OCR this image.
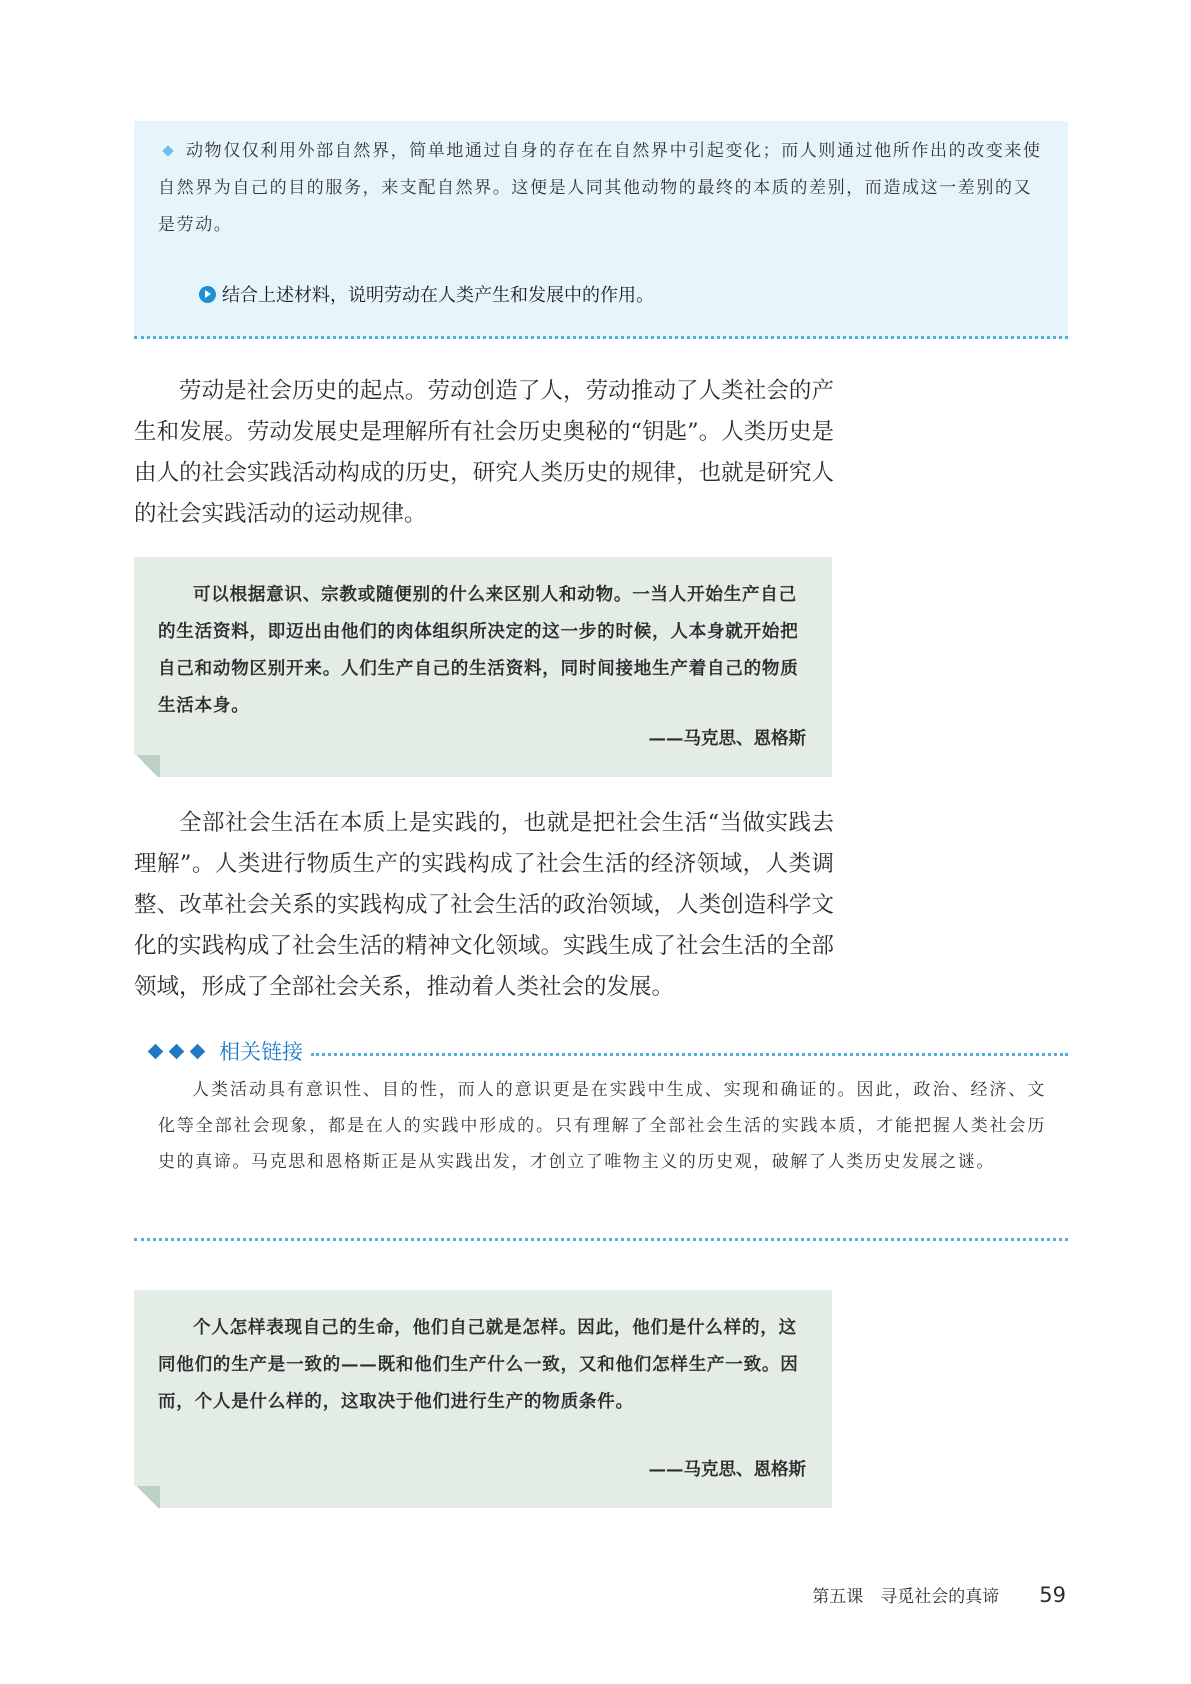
动物仅仅利用外部自然界，简单地通过自身的存在在自然界中引起变化；而人则通过他所作出的改变来使自然界为自己的目的服务，来支配自然界。这便是人同其他动物的最终的本质的差别，而造成这一差别的又是劳动。
结合上述材料，说明劳动在人类产生和发展中的作用。
劳动是社会历史的起点。劳动创造了人，劳动推动了人类社会的产生和发展。劳动发展史是理解所有社会历史奥秘的“钥匙”。人类历史是由人的社会实践活动构成的历史，研究人类历史的规律，也就是研究人的社会实践活动的运动规律。
可以根据意识、宗教或随便别的什么来区别人和动物。一当人开始生产自己的生活资料，即迈出由他们的肉体组织所决定的这一步的时候，人本身就开始把自己和动物区别开来。人们生产自己的生活资料，同时间接地生产着自己的物质生活本身。
——马克思、恩格斯
全部社会生活在本质上是实践的，也就是把社会生活“当做实践去理解”。人类进行物质生产的实践构成了社会生活的经济领域，人类调整、改革社会关系的实践构成了社会生活的政治领域，人类创造科学文化的实践构成了社会生活的精神文化领域。实践生成了社会生活的全部领域，形成了全部社会关系，推动着人类社会的发展。
相关链接
人类活动具有意识性、目的性，而人的意识更是在实践中生成、实现和确证的。因此，政治、经济、文化等全部社会现象，都是在人的实践中形成的。只有理解了全部社会生活的实践本质，才能把握人类社会历史的真谛。马克思和恩格斯正是从实践出发，才创立了唯物主义的历史观，破解了人类历史发展之谜。
个人怎样表现自己的生命，他们自己就是怎样。因此，他们是什么样的，这同他们的生产是一致的——既和他们生产什么一致，又和他们怎样生产一致。因而，个人是什么样的，这取决于他们进行生产的物质条件。
——马克思、恩格斯
第五课　寻觅社会的真谛 59
